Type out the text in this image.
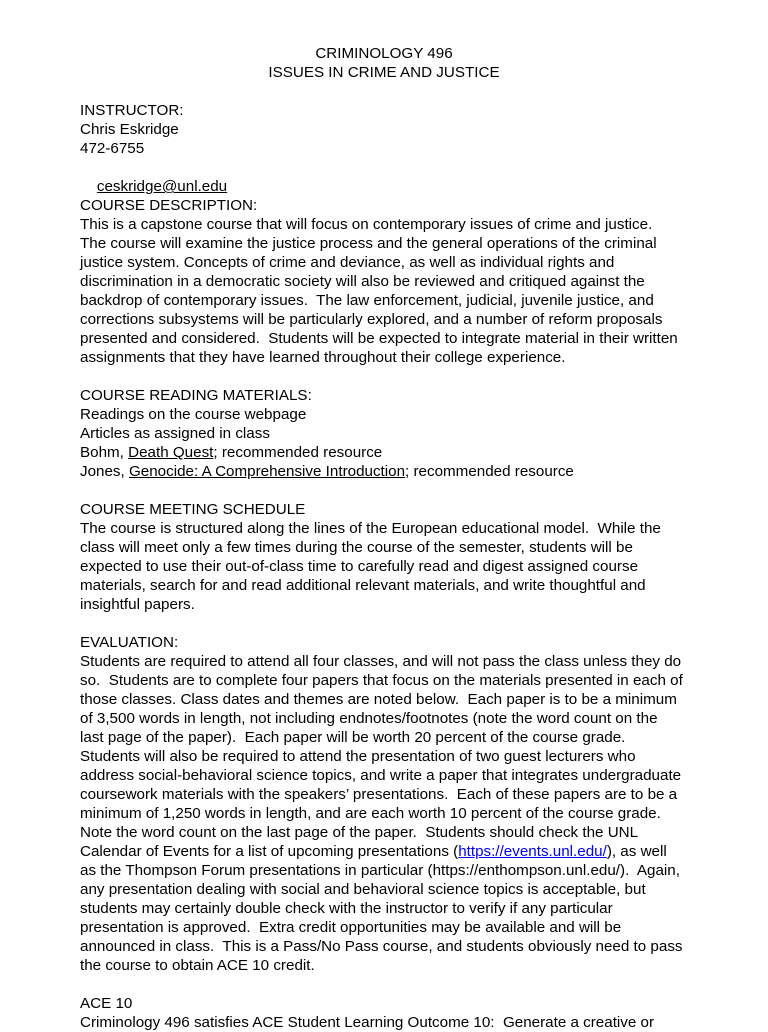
CRIMINOLOGY 496
ISSUES IN CRIME AND JUSTICE
INSTRUCTOR:
Chris Eskridge
472-6755

ceskridge@unl.edu

COURSE DESCRIPTION:
This is a capstone course that will focus on contemporary issues of crime and justice.
The course will examine the justice process and the general operations of the criminal
justice system. Concepts of crime and deviance, as well as individual rights and
discrimination in a democratic society will also be reviewed and critiqued against the
backdrop of contemporary issues.  The law enforcement, judicial, juvenile justice, and
corrections subsystems will be particularly explored, and a number of reform proposals
presented and considered.  Students will be expected to integrate material in their written
assignments that they have learned throughout their college experience.
COURSE READING MATERIALS:
Readings on the course webpage
Articles as assigned in class
Bohm, Death Quest; recommended resource
Jones, Genocide: A Comprehensive Introduction; recommended resource
COURSE MEETING SCHEDULE
The course is structured along the lines of the European educational model.  While the
class will meet only a few times during the course of the semester, students will be
expected to use their out-of-class time to carefully read and digest assigned course
materials, search for and read additional relevant materials, and write thoughtful and
insightful papers.
EVALUATION:
Students are required to attend all four classes, and will not pass the class unless they do
so.  Students are to complete four papers that focus on the materials presented in each of
those classes. Class dates and themes are noted below.  Each paper is to be a minimum
of 3,500 words in length, not including endnotes/footnotes (note the word count on the
last page of the paper).  Each paper will be worth 20 percent of the course grade.
Students will also be required to attend the presentation of two guest lecturers who
address social-behavioral science topics, and write a paper that integrates undergraduate
coursework materials with the speakers’ presentations.  Each of these papers are to be a
minimum of 1,250 words in length, and are each worth 10 percent of the course grade.
Note the word count on the last page of the paper.  Students should check the UNL
Calendar of Events for a list of upcoming presentations (https://events.unl.edu/), as well
as the Thompson Forum presentations in particular (https://enthompson.unl.edu/).  Again,
any presentation dealing with social and behavioral science topics is acceptable, but
students may certainly double check with the instructor to verify if any particular
presentation is approved.  Extra credit opportunities may be available and will be
announced in class.  This is a Pass/No Pass course, and students obviously need to pass
the course to obtain ACE 10 credit.
ACE 10
Criminology 496 satisfies ACE Student Learning Outcome 10:  Generate a creative or
